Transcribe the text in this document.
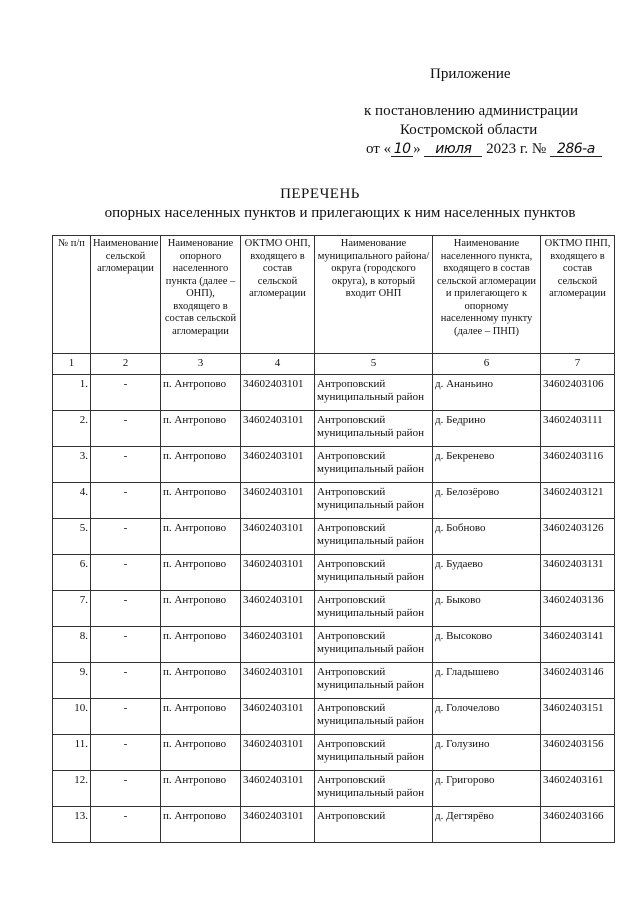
Приложение
к постановлению администрации
Костромской области
от « 10 » июля 2023 г. № 286-а
ПЕРЕЧЕНЬ
опорных населенных пунктов и прилегающих к ним населенных пунктов
№ п/п	Наименование сельской агломерации	Наименование опорного населенного пункта (далее – ОНП), входящего в состав сельской агломерации	ОКТМО ОНП, входящего в состав сельской агломерации	Наименование муниципального района/округа (городского округа), в который входит ОНП	Наименование населенного пункта, входящего в состав сельской агломерации и прилегающего к опорному населенному пункту (далее – ПНП)	ОКТМО ПНП, входящего в состав сельской агломерации
1	2	3	4	5	6	7
1.	-	п. Антропово	34602403101	Антроповский муниципальный район	д. Ананьино	34602403106
2.	-	п. Антропово	34602403101	Антроповский муниципальный район	д. Бедрино	34602403111
3.	-	п. Антропово	34602403101	Антроповский муниципальный район	д. Бекренево	34602403116
4.	-	п. Антропово	34602403101	Антроповский муниципальный район	д. Белозёрово	34602403121
5.	-	п. Антропово	34602403101	Антроповский муниципальный район	д. Бобново	34602403126
6.	-	п. Антропово	34602403101	Антроповский муниципальный район	д. Будаево	34602403131
7.	-	п. Антропово	34602403101	Антроповский муниципальный район	д. Быково	34602403136
8.	-	п. Антропово	34602403101	Антроповский муниципальный район	д. Высоково	34602403141
9.	-	п. Антропово	34602403101	Антроповский муниципальный район	д. Гладышево	34602403146
10.	-	п. Антропово	34602403101	Антроповский муниципальный район	д. Голочелово	34602403151
11.	-	п. Антропово	34602403101	Антроповский муниципальный район	д. Голузино	34602403156
12.	-	п. Антропово	34602403101	Антроповский муниципальный район	д. Григорово	34602403161
13.	-	п. Антропово	34602403101	Антроповский	д. Дегтярёво	34602403166
